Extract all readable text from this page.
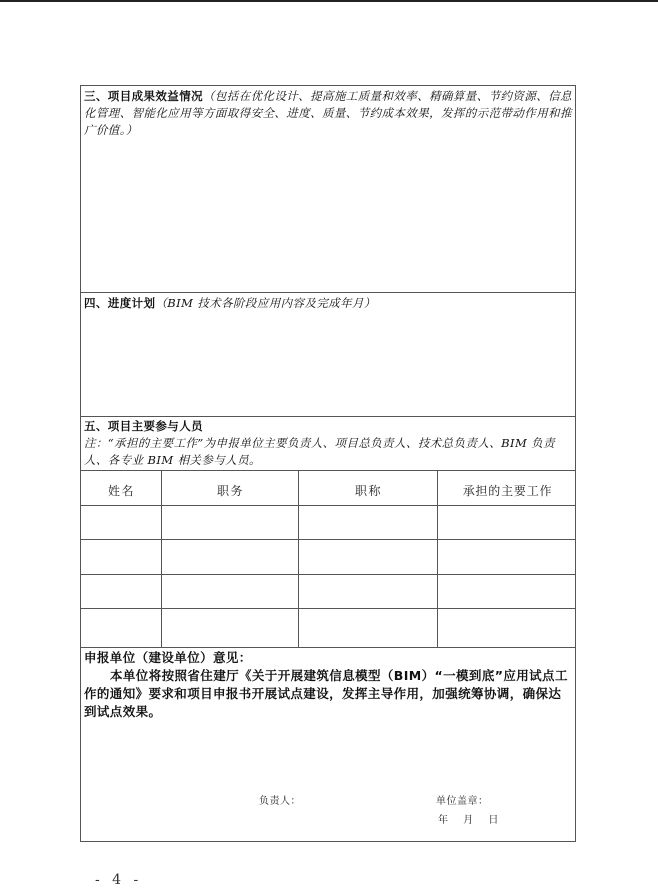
三、项目成果效益情况（包括在优化设计、提高施工质量和效率、精确算量、节约资源、信息化管理、智能化应用等方面取得安全、进度、质量、节约成本效果，发挥的示范带动作用和推广价值。）
四、进度计划（BIM 技术各阶段应用内容及完成年月）
五、项目主要参与人员
注：“承担的主要工作”为申报单位主要负责人、项目总负责人、技术总负责人、BIM 负责人、各专业 BIM 相关参与人员。
姓名	职务	职称	承担的主要工作
申报单位（建设单位）意见：
本单位将按照省住建厅《关于开展建筑信息模型（BIM）“一模到底”应用试点工作的通知》要求和项目申报书开展试点建设，发挥主导作用，加强统筹协调，确保达到试点效果。
负责人：	单位盖章：
年    月    日
- 4 -
